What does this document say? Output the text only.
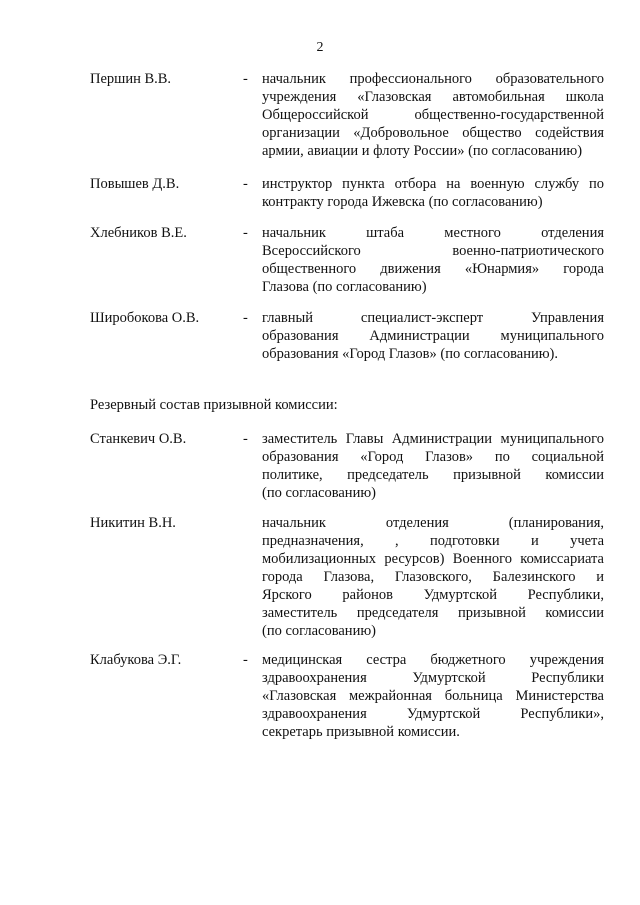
2
Першин В.В.	- начальник профессионального образовательного
учреждения «Глазовская автомобильная школа
Общероссийской общественно-государственной
организации «Добровольное общество содействия
армии, авиации и флоту России» (по согласованию)
Повышев Д.В.	- инструктор пункта отбора на военную службу по
контракту города Ижевска (по согласованию)
Хлебников В.Е.	- начальник штаба местного отделения
Всероссийского военно-патриотического
общественного движения «Юнармия» города
Глазова (по согласованию)
Широбокова О.В.	- главный специалист-эксперт Управления
образования Администрации муниципального
образования «Город Глазов» (по согласованию).
Резервный состав призывной комиссии:
Станкевич О.В.	- заместитель Главы Администрации муниципального
образования «Город Глазов» по социальной
политике, председатель призывной комиссии
(по согласованию)
Никитин В.Н.	начальник отделения (планирования,
предназначения, , подготовки и учета
мобилизационных ресурсов) Военного комиссариата
города Глазова, Глазовского, Балезинского и
Ярского районов Удмуртской Республики,
заместитель председателя призывной комиссии
(по согласованию)
Клабукова Э.Г.	- медицинская сестра бюджетного учреждения
здравоохранения Удмуртской Республики
«Глазовская межрайонная больница Министерства
здравоохранения Удмуртской Республики»,
секретарь призывной комиссии.
